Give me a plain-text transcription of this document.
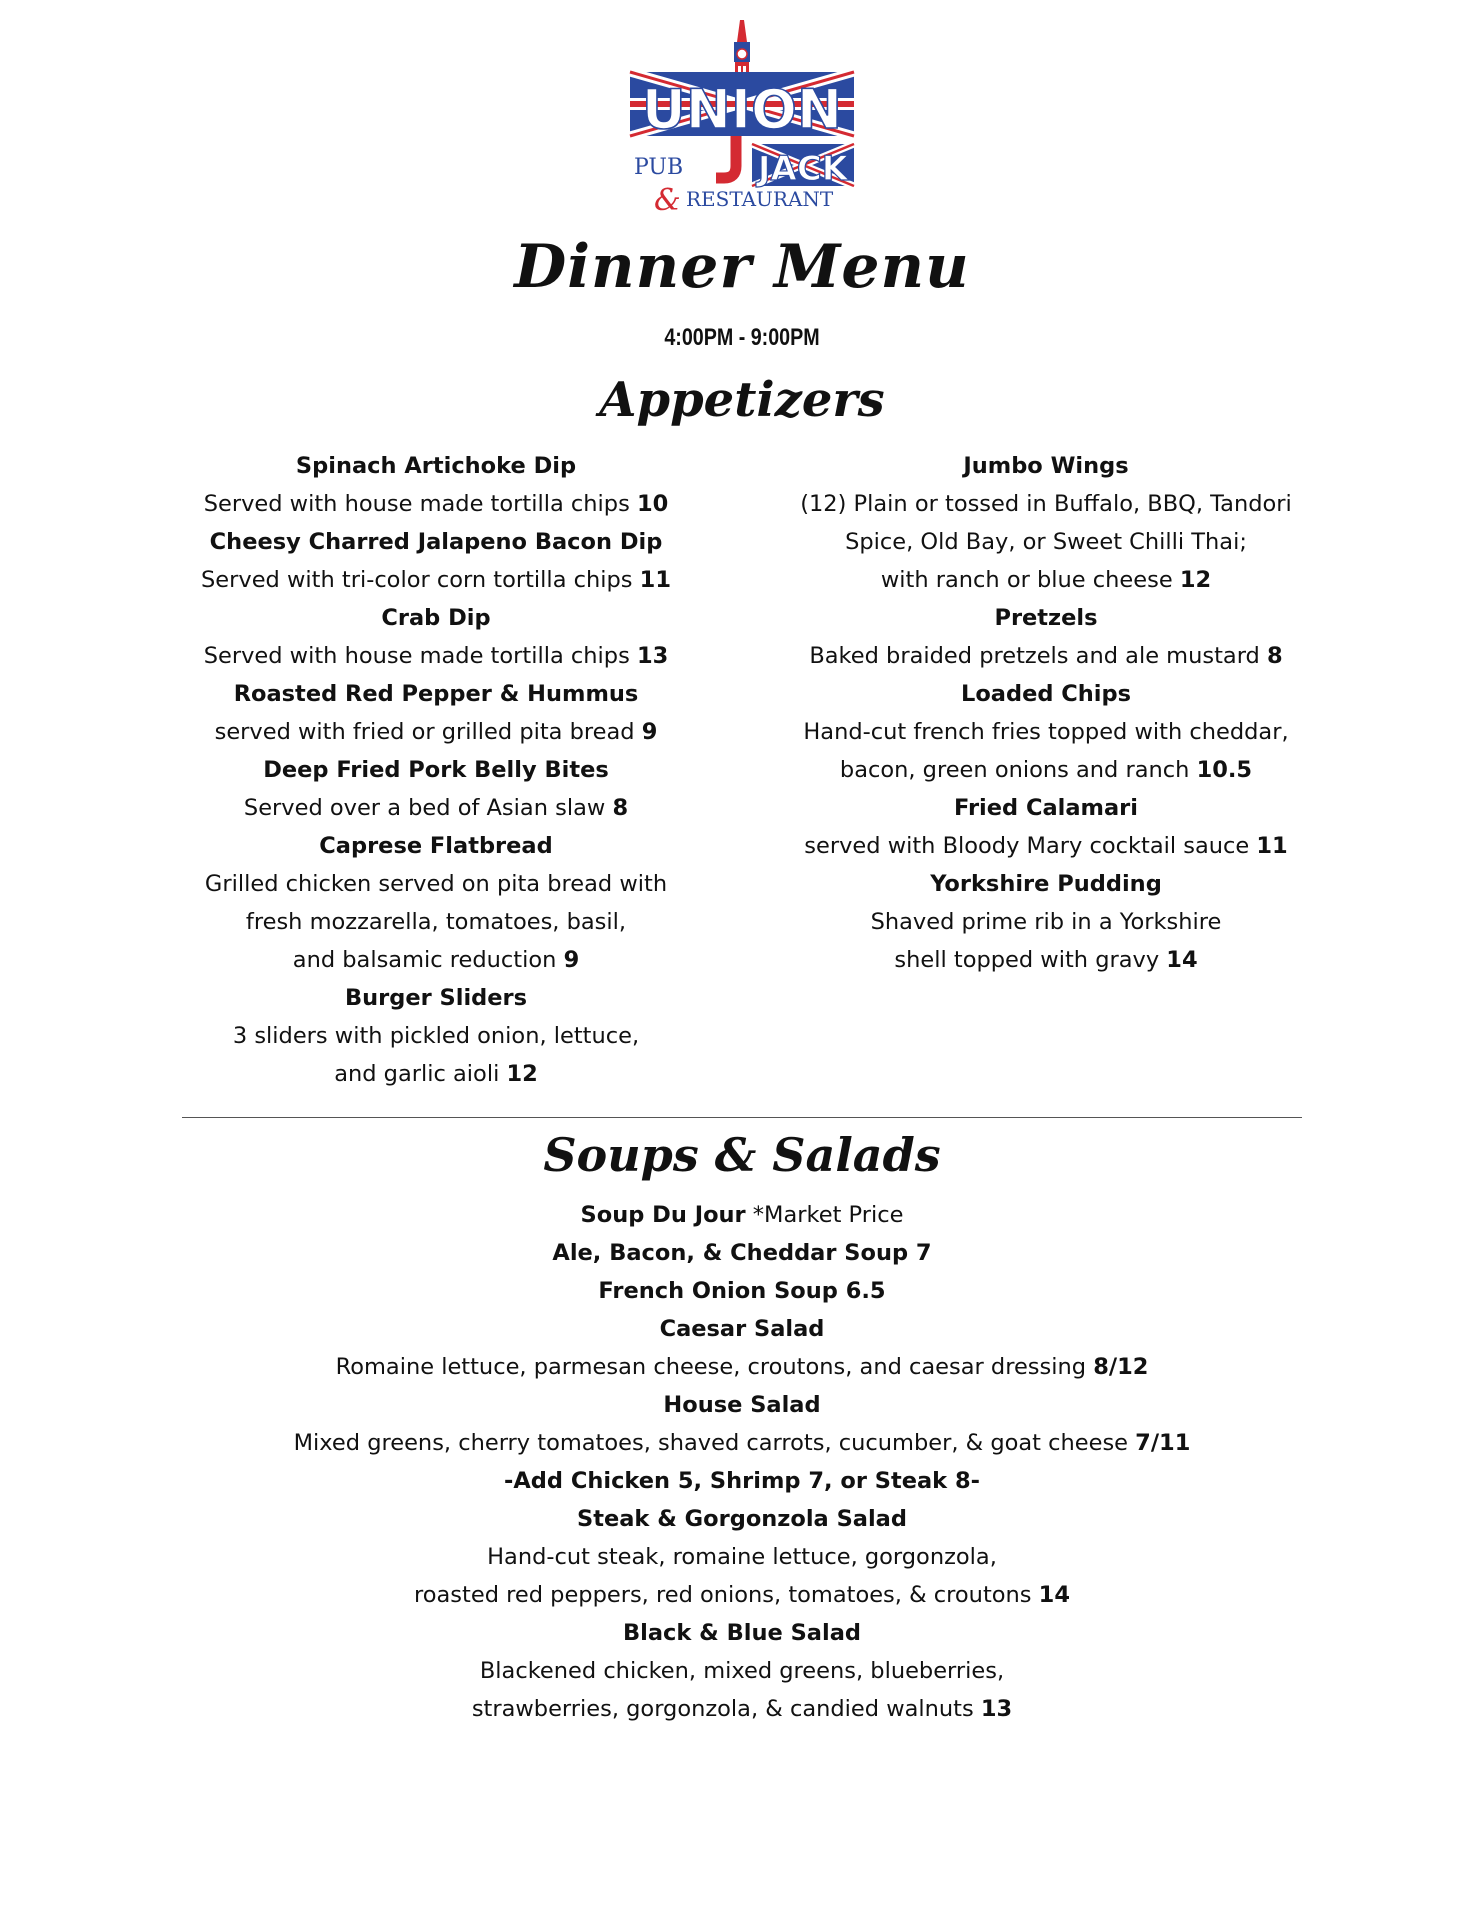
UNION
PUB JACK
& RESTAURANT
Dinner Menu
4:00PM - 9:00PM
Appetizers
Spinach Artichoke Dip
Served with house made tortilla chips 10
Cheesy Charred Jalapeno Bacon Dip
Served with tri-color corn tortilla chips 11
Crab Dip
Served with house made tortilla chips 13
Roasted Red Pepper & Hummus
served with fried or grilled pita bread 9
Deep Fried Pork Belly Bites
Served over a bed of Asian slaw 8
Caprese Flatbread
Grilled chicken served on pita bread with
fresh mozzarella, tomatoes, basil,
and balsamic reduction 9
Burger Sliders
3 sliders with pickled onion, lettuce,
and garlic aioli 12
Jumbo Wings
(12) Plain or tossed in Buffalo, BBQ, Tandori
Spice, Old Bay, or Sweet Chilli Thai;
with ranch or blue cheese 12
Pretzels
Baked braided pretzels and ale mustard 8
Loaded Chips
Hand-cut french fries topped with cheddar,
bacon, green onions and ranch 10.5
Fried Calamari
served with Bloody Mary cocktail sauce 11
Yorkshire Pudding
Shaved prime rib in a Yorkshire
shell topped with gravy 14
Soups & Salads
Soup Du Jour *Market Price
Ale, Bacon, & Cheddar Soup 7
French Onion Soup 6.5
Caesar Salad
Romaine lettuce, parmesan cheese, croutons, and caesar dressing 8/12
House Salad
Mixed greens, cherry tomatoes, shaved carrots, cucumber, & goat cheese 7/11
-Add Chicken 5, Shrimp 7, or Steak 8-
Steak & Gorgonzola Salad
Hand-cut steak, romaine lettuce, gorgonzola,
roasted red peppers, red onions, tomatoes, & croutons 14
Black & Blue Salad
Blackened chicken, mixed greens, blueberries,
strawberries, gorgonzola, & candied walnuts 13
